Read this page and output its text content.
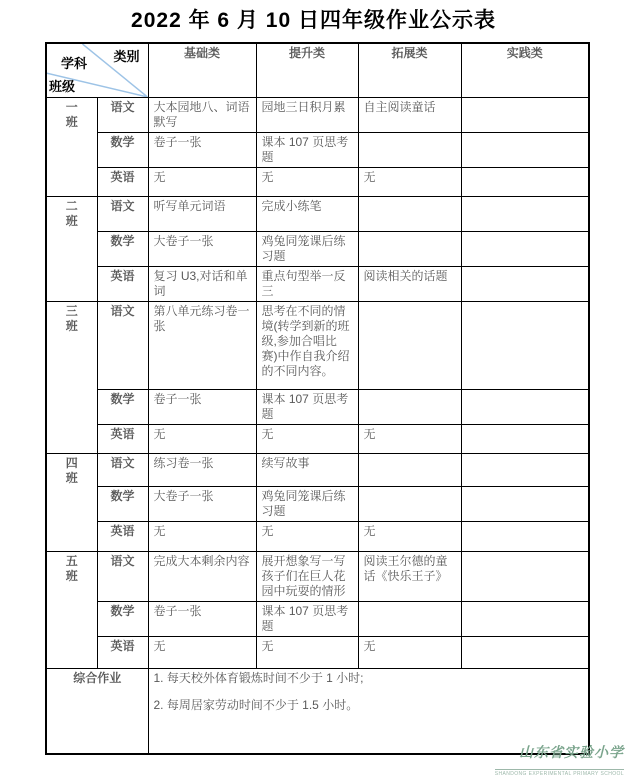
2022 年 6 月 10 日四年级作业公示表
类别
学科
班级		基础类	提升类	拓展类	实践类
一
班	语文	大本园地八、词语默写	园地三日积月累	自主阅读童话	
	数学	卷子一张	课本 107 页思考题		
	英语	无	无	无	
二
班	语文	听写单元词语	完成小练笔		
	数学	大卷子一张	鸡兔同笼课后练习题		
	英语	复习 U3,对话和单词	重点句型举一反三	阅读相关的话题	
三
班	语文	第八单元练习卷一张	思考在不同的情境(转学到新的班级,参加合唱比赛)中作自我介绍的不同内容。		
	数学	卷子一张	课本 107 页思考题		
	英语	无	无	无	
四
班	语文	练习卷一张	续写故事		
	数学	大卷子一张	鸡兔同笼课后练习题		
	英语	无	无	无	
五
班	语文	完成大本剩余内容	展开想象写一写孩子们在巨人花园中玩耍的情形	阅读王尔德的童话《快乐王子》	
	数学	卷子一张	课本 107 页思考题		
	英语	无	无	无	
综合作业		1. 每天校外体育锻炼时间不少于 1 小时;
2. 每周居家劳动时间不少于 1.5 小时。			
山东省实验小学
SHANDONG EXPERIMENTAL PRIMARY SCHOOL
